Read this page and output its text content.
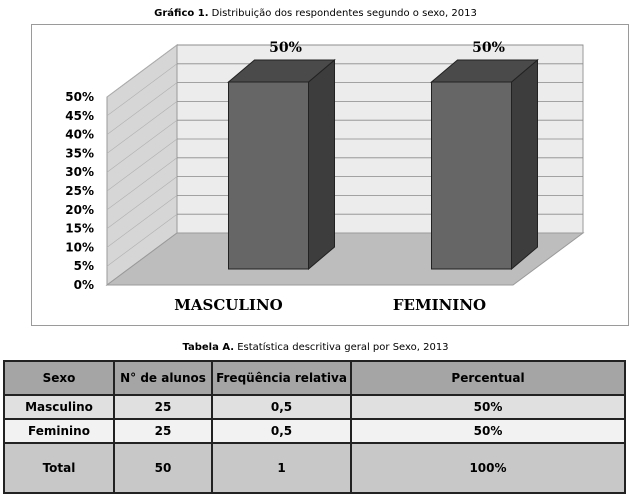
Gráfico 1. Distribuição dos respondentes segundo o sexo, 2013
0%
5%
10%
15%
20%
25%
30%
35%
40%
45%
50%
50%	50%
MASCULINO	FEMININO
Tabela A. Estatística descritiva geral por Sexo, 2013
Sexo	N° de alunos	Freqüência relativa	Percentual
Masculino	25	0,5	50%
Feminino	25	0,5	50%
Total	50	1	100%
